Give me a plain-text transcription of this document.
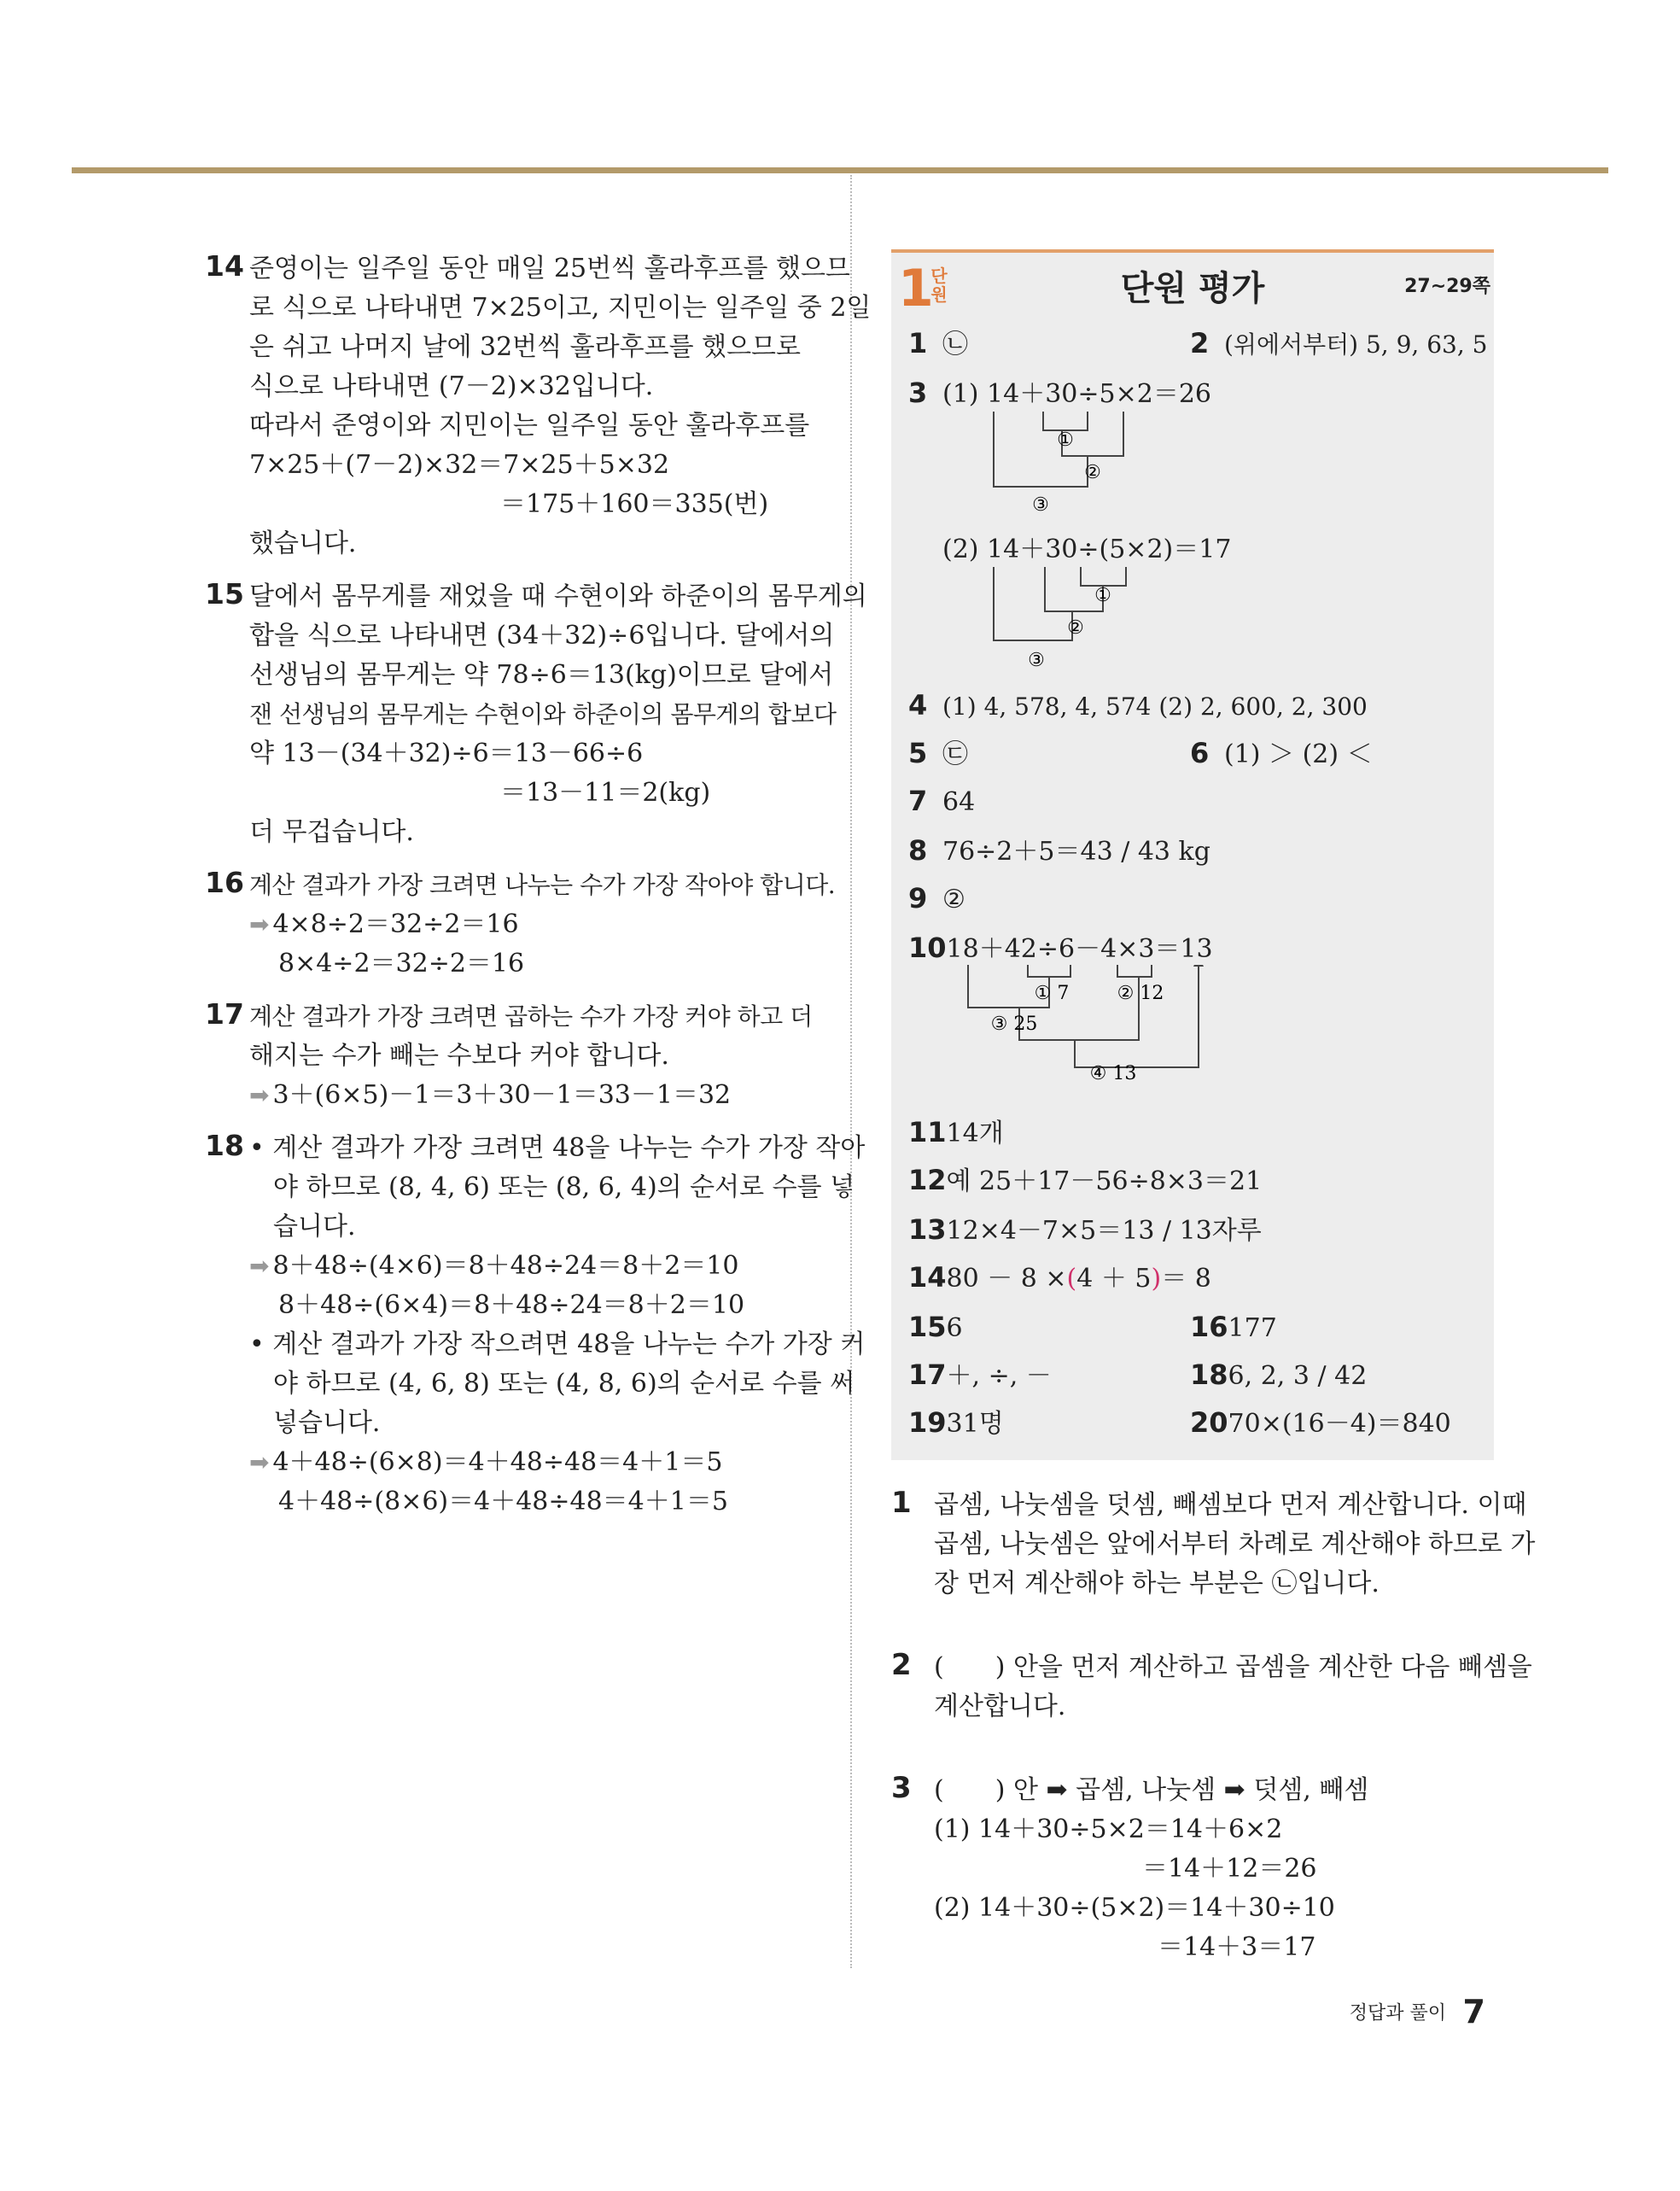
14 준영이는 일주일 동안 매일 25번씩 훌라후프를 했으므
로 식으로 나타내면 7×25이고, 지민이는 일주일 중 2일
은 쉬고 나머지 날에 32번씩 훌라후프를 했으므로
식으로 나타내면 (7－2)×32입니다.
따라서 준영이와 지민이는 일주일 동안 훌라후프를
7×25＋(7－2)×32＝7×25＋5×32
＝175＋160＝335(번)
했습니다.
15 달에서 몸무게를 재었을 때 수현이와 하준이의 몸무게의
합을 식으로 나타내면 (34＋32)÷6입니다. 달에서의
선생님의 몸무게는 약 78÷6＝13(kg)이므로 달에서
잰 선생님의 몸무게는 수현이와 하준이의 몸무게의 합보다
약 13－(34＋32)÷6＝13－66÷6
＝13－11＝2(kg)
더 무겁습니다.
16 계산 결과가 가장 크려면 나누는 수가 가장 작아야 합니다.
➡ 4×8÷2＝32÷2＝16
8×4÷2＝32÷2＝16
17 계산 결과가 가장 크려면 곱하는 수가 가장 커야 하고 더
해지는 수가 빼는 수보다 커야 합니다.
➡ 3＋(6×5)－1＝3＋30－1＝33－1＝32
18 • 계산 결과가 가장 크려면 48을 나누는 수가 가장 작아
야 하므로 (8, 4, 6) 또는 (8, 6, 4)의 순서로 수를 넣
습니다.
➡ 8＋48÷(4×6)＝8＋48÷24＝8＋2＝10
8＋48÷(6×4)＝8＋48÷24＝8＋2＝10
• 계산 결과가 가장 작으려면 48을 나누는 수가 가장 커
야 하므로 (4, 6, 8) 또는 (4, 8, 6)의 순서로 수를 써
넣습니다.
➡ 4＋48÷(6×8)＝4＋48÷48＝4＋1＝5
4＋48÷(8×6)＝4＋48÷48＝4＋1＝5
1
단원	단원 평가	27~29쪽
1 ㉡	2 (위에서부터) 5, 9, 63, 5
3 (1) 14＋30÷5×2＝26
①
②
③
(2) 14＋30÷(5×2)＝17
①
②
③
4 (1) 4, 578, 4, 574 (2) 2, 600, 2, 300
5 ㉢	6 (1) ＞ (2) ＜
7 64
8 76÷2＋5＝43 / 43 kg
9 ②
1018＋42÷6－4×3＝13
① 7	② 12
③ 25
④ 13
1114개
12예 25＋17－56÷8×3＝21
1312×4－7×5＝13 / 13자루
1480 － 8 ×(4 ＋ 5)＝ 8
156	16177
17＋, ÷, －	186, 2, 3 / 42
1931명	2070×(16－4)＝840
1 곱셈, 나눗셈을 덧셈, 빼셈보다 먼저 계산합니다. 이때
곱셈, 나눗셈은 앞에서부터 차례로 계산해야 하므로 가
장 먼저 계산해야 하는 부분은 ㉡입니다.
2 (　　) 안을 먼저 계산하고 곱셈을 계산한 다음 빼셈을
계산합니다.
3 (　　) 안 ➡ 곱셈, 나눗셈 ➡ 덧셈, 빼셈
(1) 14＋30÷5×2＝14＋6×2
＝14＋12＝26
(2) 14＋30÷(5×2)＝14＋30÷10
＝14＋3＝17
정답과 풀이 7
